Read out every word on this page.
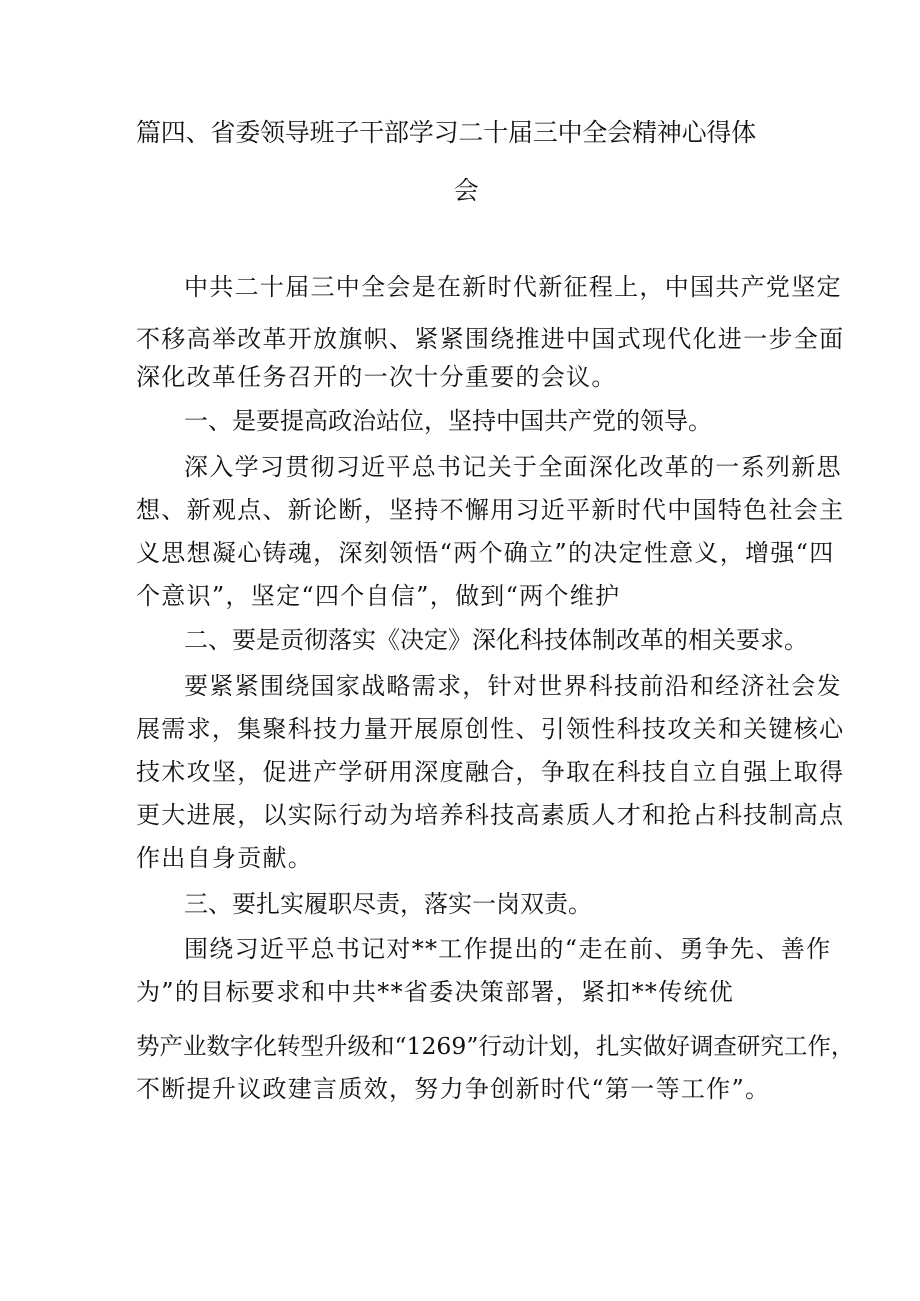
篇四、省委领导班子干部学习二十届三中全会精神心得体
会
中共二十届三中全会是在新时代新征程上，中国共产党坚定
不移高举改革开放旗帜、紧紧围绕推进中国式现代化进一步全面
深化改革任务召开的一次十分重要的会议。
一、是要提高政治站位，坚持中国共产党的领导。
深入学习贯彻习近平总书记关于全面深化改革的一系列新思
想、新观点、新论断，坚持不懈用习近平新时代中国特色社会主
义思想凝心铸魂，深刻领悟“两个确立”的决定性意义，增强“四
个意识”，坚定“四个自信”，做到“两个维护
二、要是贡彻落实《决定》深化科技体制改革的相关要求。
要紧紧围绕国家战略需求，针对世界科技前沿和经济社会发
展需求，集聚科技力量开展原创性、引领性科技攻关和关键核心
技术攻坚，促进产学研用深度融合，争取在科技自立自强上取得
更大进展，以实际行动为培养科技高素质人才和抢占科技制高点
作出自身贡献。
三、要扎实履职尽责，落实一岗双责。
围绕习近平总书记对**工作提出的“走在前、勇争先、善作
为”的目标要求和中共**省委决策部署，紧扣**传统优
势产业数字化转型升级和“1269”行动计划，扎实做好调查研究工作，
不断提升议政建言质效，努力争创新时代“第一等工作”。
